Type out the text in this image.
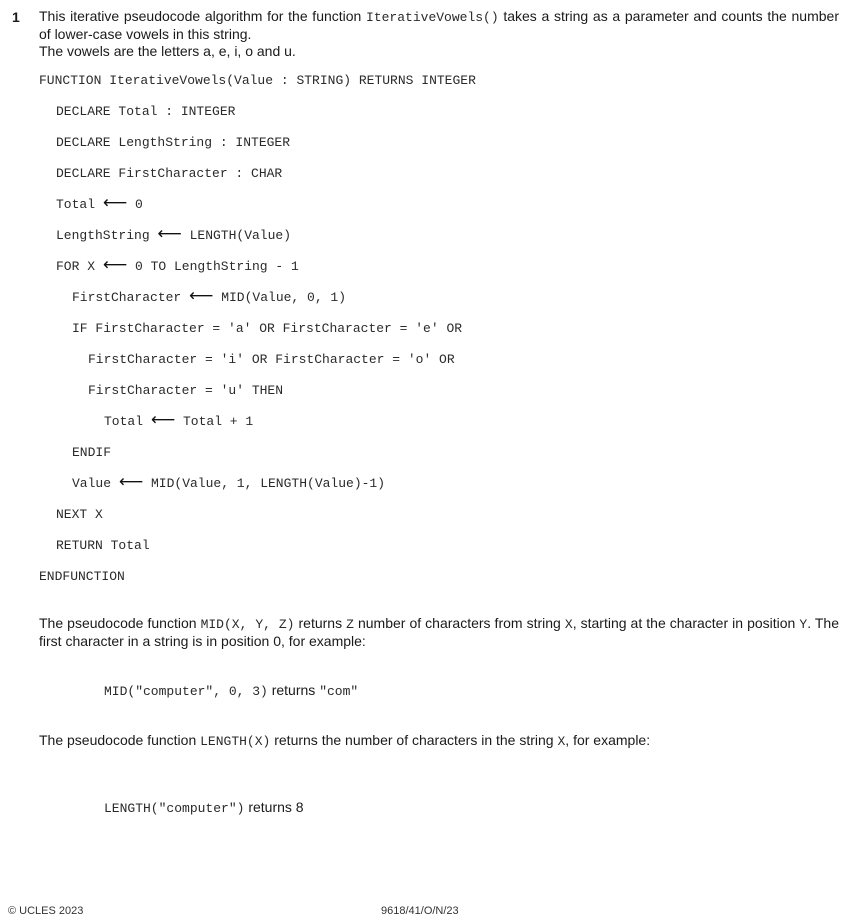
1 This iterative pseudocode algorithm for the function IterativeVowels() takes a string as a parameter and counts the number of lower-case vowels in this string.

The vowels are the letters a, e, i, o and u.

FUNCTION IterativeVowels(Value : STRING) RETURNS INTEGER
DECLARE Total : INTEGER
DECLARE LengthString : INTEGER
DECLARE FirstCharacter : CHAR
Total ⟵ 0
LengthString ⟵ LENGTH(Value)
FOR X ⟵ 0 TO LengthString - 1
FirstCharacter ⟵ MID(Value, 0, 1)
IF FirstCharacter = 'a' OR FirstCharacter = 'e' OR
FirstCharacter = 'i' OR FirstCharacter = 'o' OR
FirstCharacter = 'u' THEN
Total ⟵ Total + 1
ENDIF
Value ⟵ MID(Value, 1, LENGTH(Value)-1)
NEXT X
RETURN Total
ENDFUNCTION

The pseudocode function MID(X, Y, Z) returns Z number of characters from string X, starting at the character in position Y. The first character in a string is in position 0, for example:

MID("computer", 0, 3) returns "com"

The pseudocode function LENGTH(X) returns the number of characters in the string X, for example:

LENGTH("computer") returns 8
© UCLES 2023	9618/41/O/N/23
